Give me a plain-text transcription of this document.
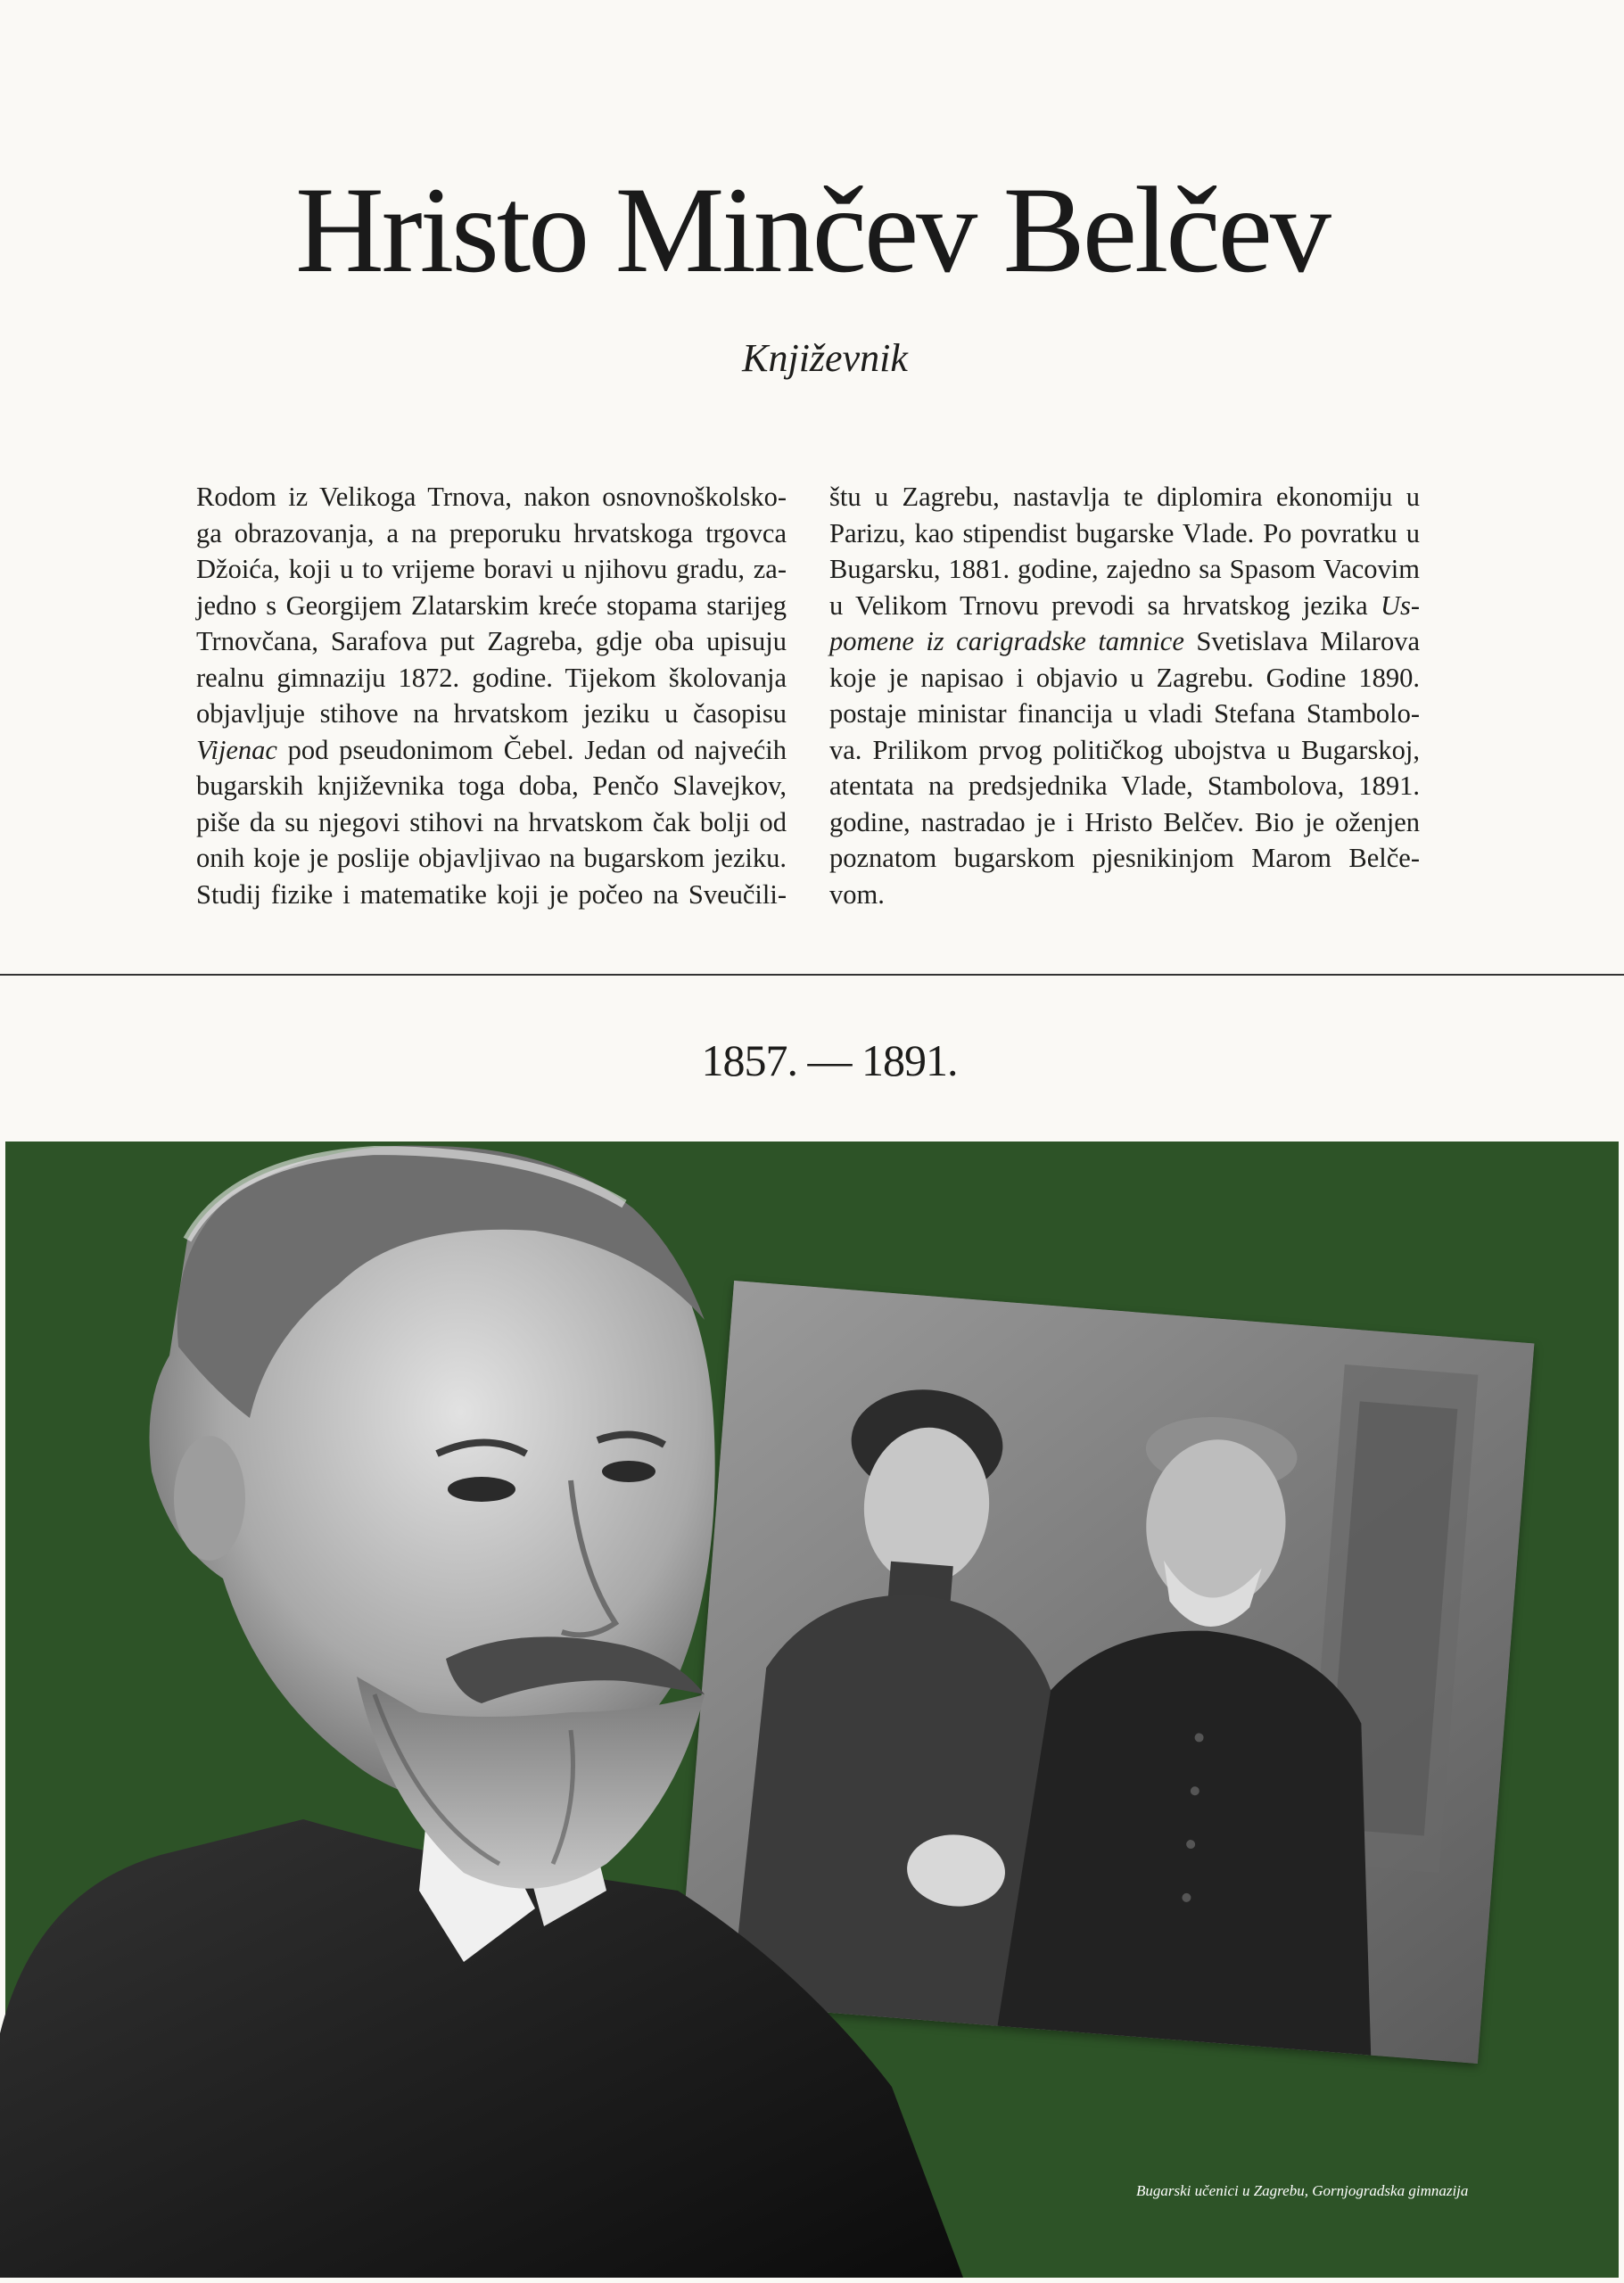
Hristo Minčev Belčev
Književnik
Rodom iz Velikoga Trnova, nakon osnovnoškolsko-
ga obrazovanja, a na preporuku hrvatskoga trgovca
Džoića, koji u to vrijeme boravi u njihovu gradu, za-
jedno s Georgijem Zlatarskim kreće stopama starijeg
Trnovčana, Sarafova put Zagreba, gdje oba upisuju
realnu gimnaziju 1872. godine. Tijekom školovanja
objavljuje stihove na hrvatskom jeziku u časopisu
Vijenac pod pseudonimom Čebel. Jedan od najvećih
bugarskih književnika toga doba, Penčo Slavejkov,
piše da su njegovi stihovi na hrvatskom čak bolji od
onih koje je poslije objavljivao na bugarskom jeziku.
Studij fizike i matematike koji je počeo na Sveučili-
štu u Zagrebu, nastavlja te diplomira ekonomiju u
Parizu, kao stipendist bugarske Vlade. Po povratku u
Bugarsku, 1881. godine, zajedno sa Spasom Vacovim
u Velikom Trnovu prevodi sa hrvatskog jezika Us-
pomene iz carigradske tamnice Svetislava Milarova
koje je napisao i objavio u Zagrebu. Godine 1890.
postaje ministar financija u vladi Stefana Stambolo-
va. Prilikom prvog političkog ubojstva u Bugarskoj,
atentata na predsjednika Vlade, Stambolova, 1891.
godine, nastradao je i Hristo Belčev. Bio je oženjen
poznatom bugarskom pjesnikinjom Marom Belče-
vom.
1857. — 1891.
Bugarski učenici u Zagrebu, Gornjogradska gimnazija
